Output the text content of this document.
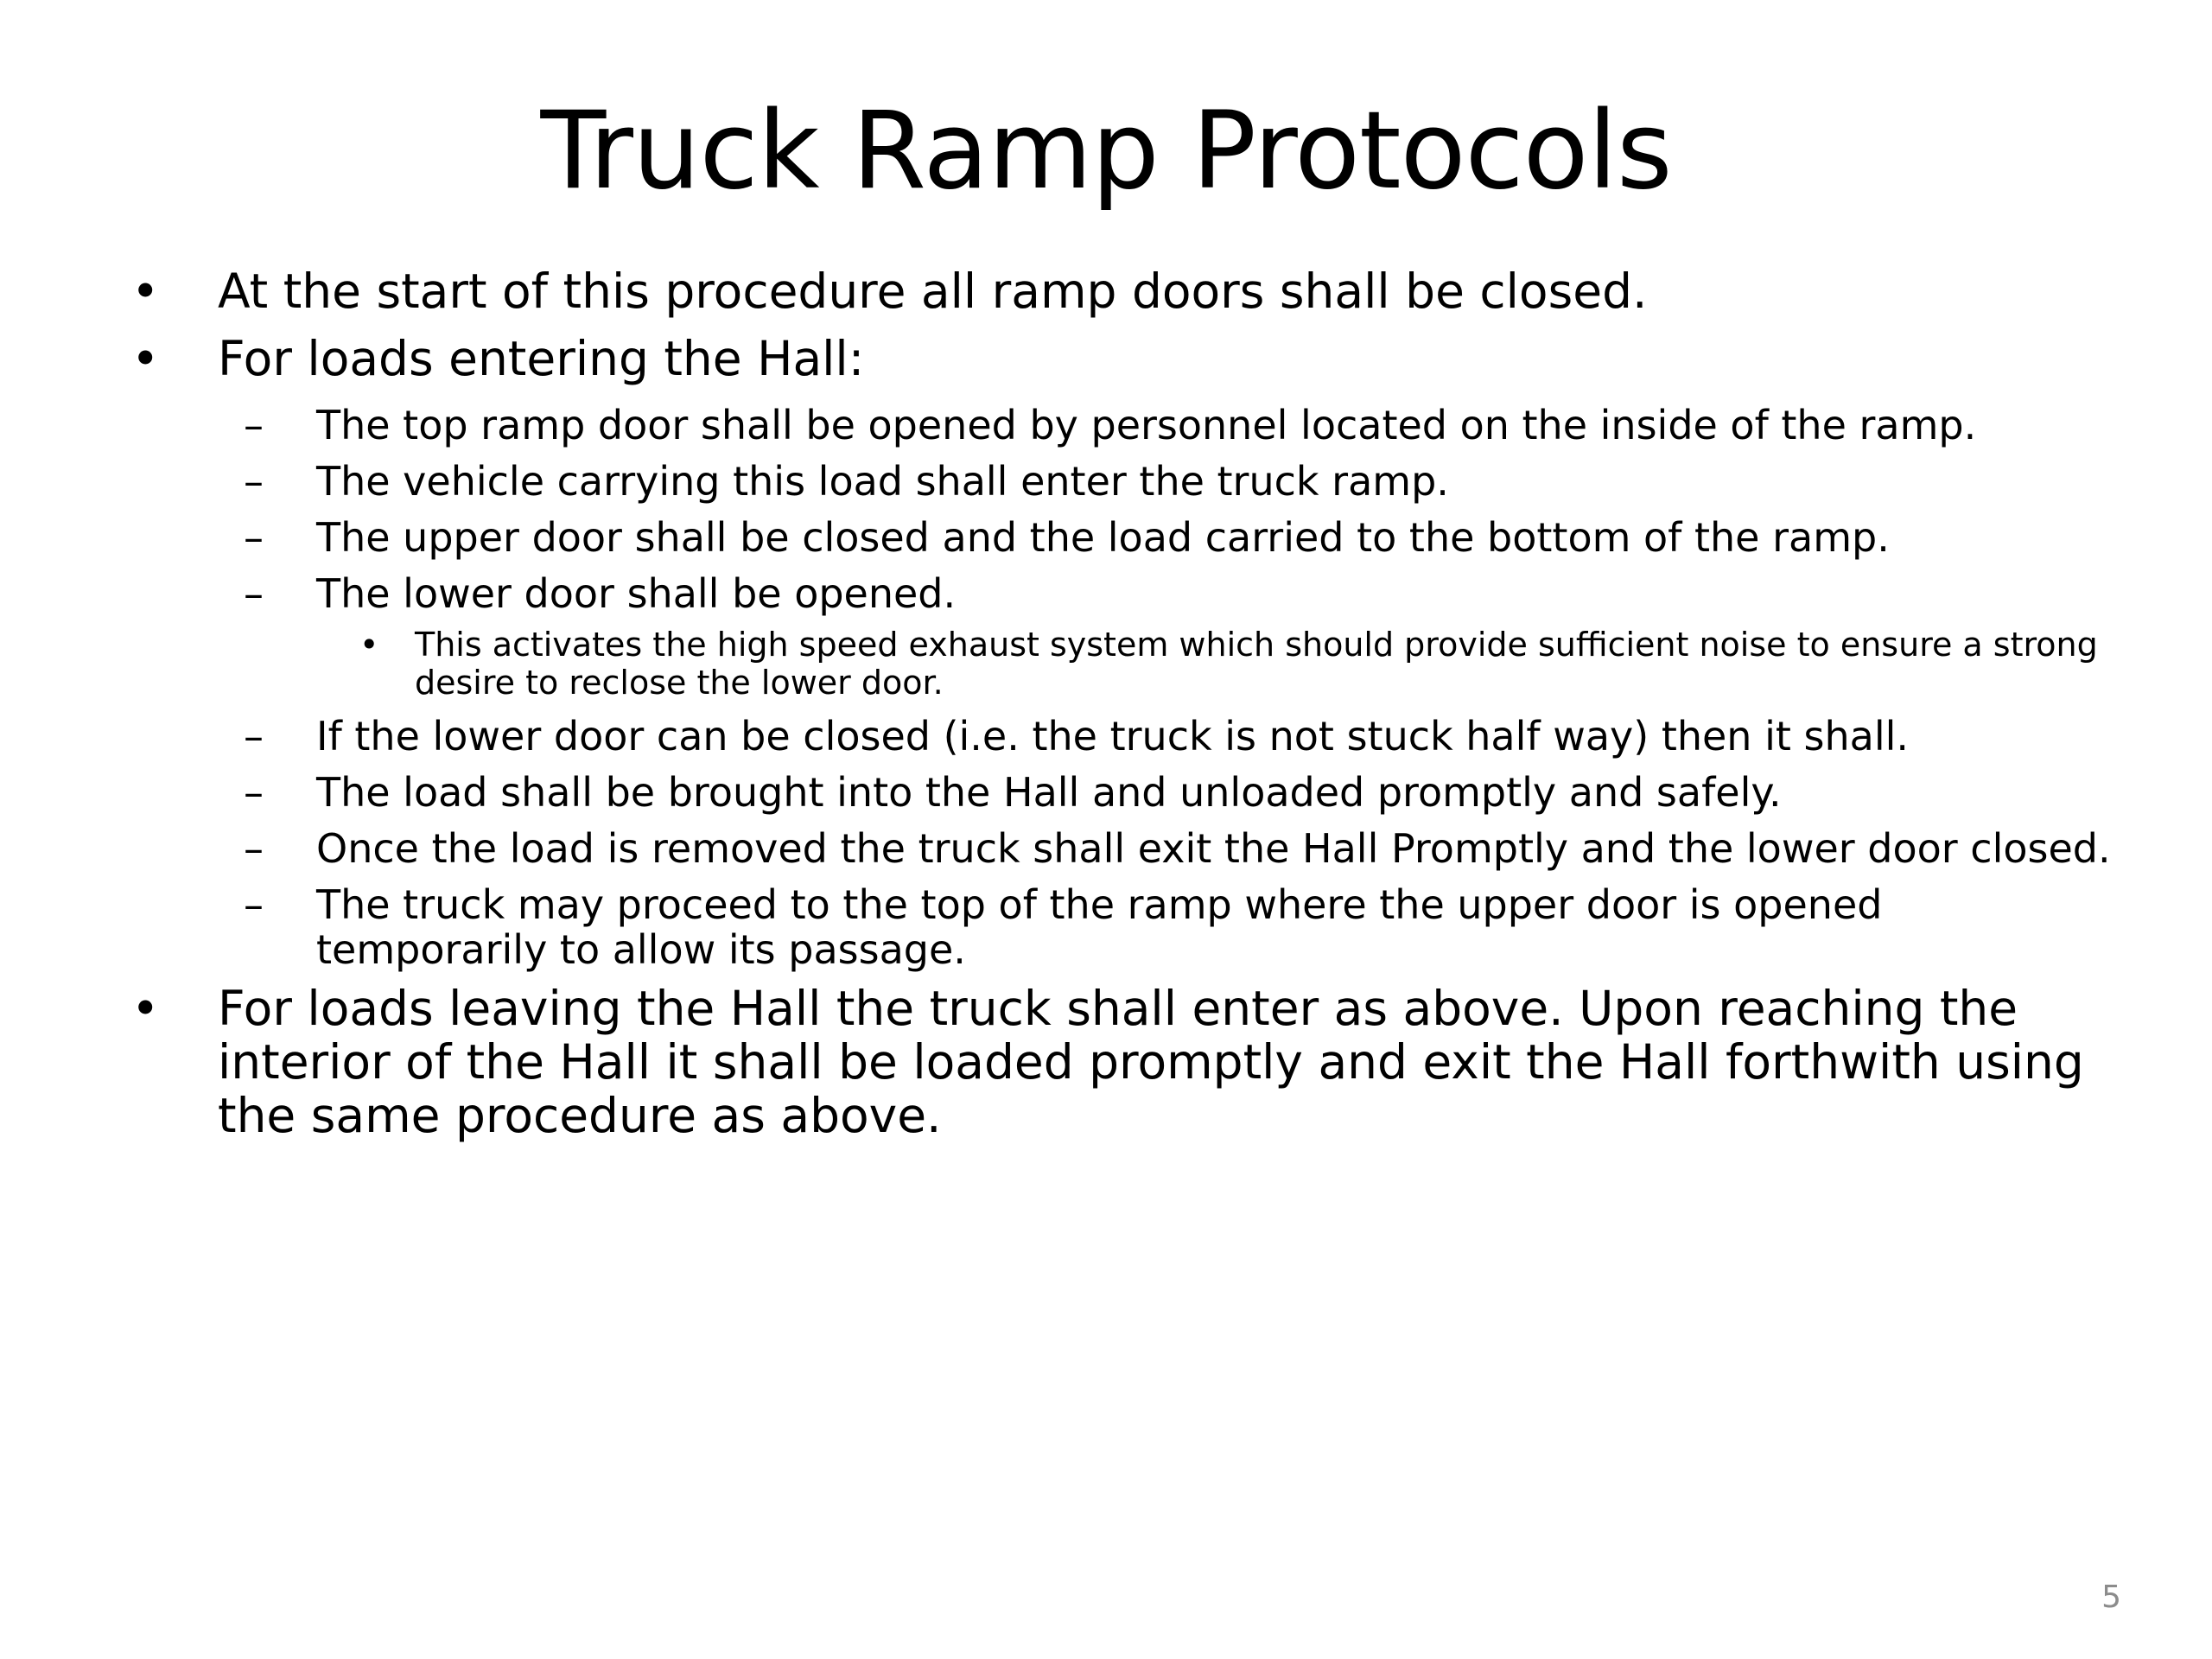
Truck Ramp Protocols
• At the start of this procedure all ramp doors shall be closed.
• For loads entering the Hall:
– The top ramp door shall be opened by personnel located on the inside of the ramp.
– The vehicle carrying this load shall enter the truck ramp.
– The upper door shall be closed and the load carried to the bottom of the ramp.
– The lower door shall be opened.
• This activates the high speed exhaust system which should provide sufficient noise to ensure a strong desire to reclose the lower door.
– If the lower door can be closed (i.e. the truck is not stuck half way) then it shall.
– The load shall be brought into the Hall and unloaded promptly and safely.
– Once the load is removed the truck shall exit the Hall Promptly and the lower door closed.
– The truck may proceed to the top of the ramp where the upper door is opened temporarily to allow its passage.
• For loads leaving the Hall the truck shall enter as above. Upon reaching the interior of the Hall it shall be loaded promptly and exit the Hall forthwith using the same procedure as above.
5
